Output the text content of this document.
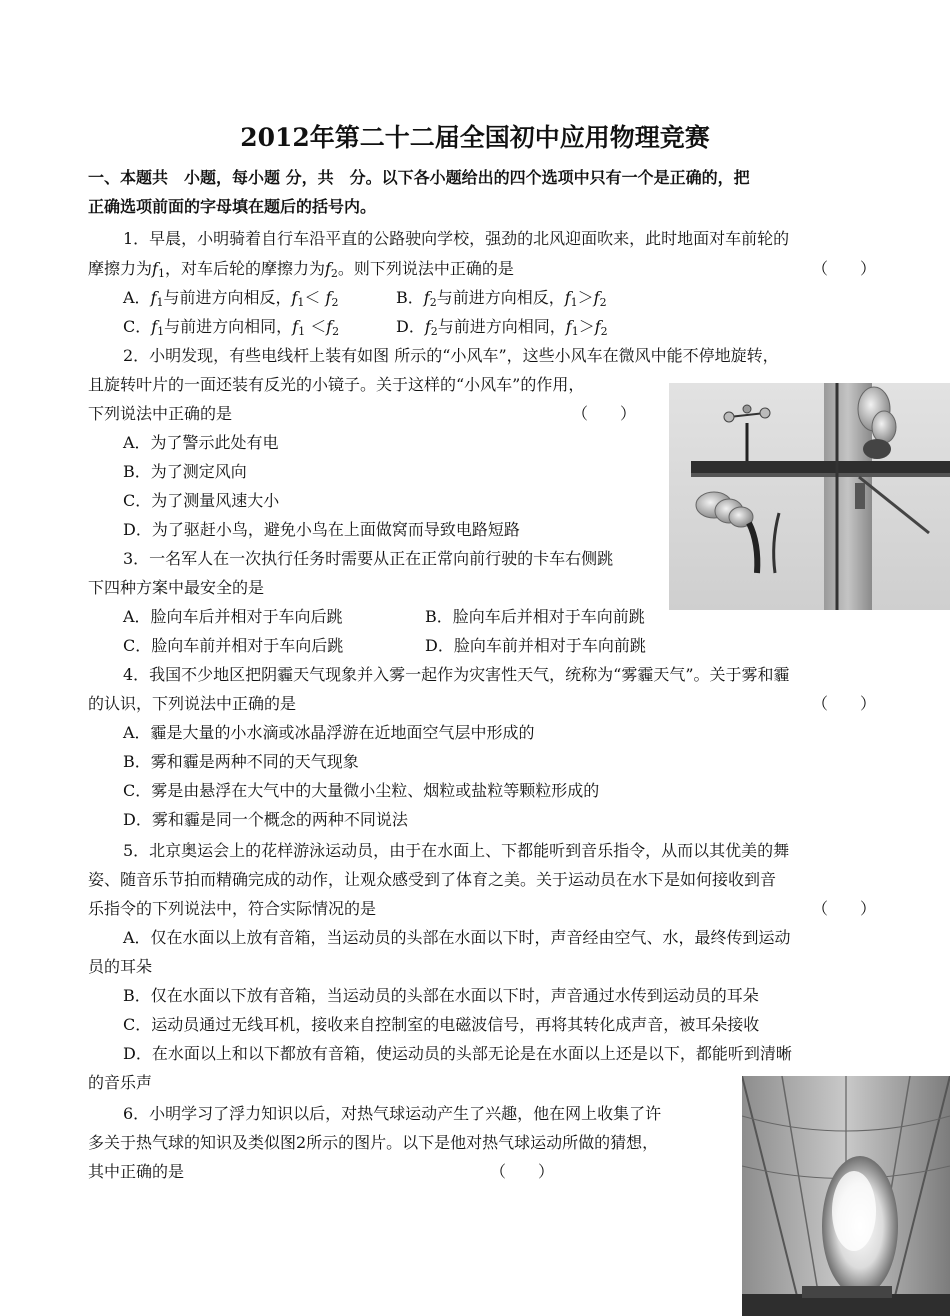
2012年第二十二届全国初中应用物理竞赛
一、本题共　小题，每小题 分，共　分。以下各小题给出的四个选项中只有一个是正确的，把
正确选项前面的字母填在题后的括号内。
1．早晨，小明骑着自行车沿平直的公路驶向学校，强劲的北风迎面吹来，此时地面对车前轮的
摩擦力为$f_1$，对车后轮的摩擦力为$f_2$。则下列说法中正确的是	（　　）
A．$f_1$与前进方向相反，$f_1< f_2$	B．$f_2$与前进方向相反，$f_1>f_2$
C．$f_1$与前进方向相同，$f_1 <f_2$	D．$f_2$与前进方向相同，$f_1>f_2$
2．小明发现，有些电线杆上装有如图 所示的“小风车”，这些小风车在微风中能不停地旋转，
且旋转叶片的一面还装有反光的小镜子。关于这样的“小风车”的作用，
下列说法中正确的是	（　　）
A．为了警示此处有电
B．为了测定风向
C．为了测量风速大小
D．为了驱赶小鸟，避免小鸟在上面做窝而导致电路短路
3．一名军人在一次执行任务时需要从正在正常向前行驶的卡车右侧跳
下四种方案中最安全的是
A．脸向车后并相对于车向后跳	B．脸向车后并相对于车向前跳
C．脸向车前并相对于车向后跳	D．脸向车前并相对于车向前跳
4．我国不少地区把阴霾天气现象并入雾一起作为灾害性天气，统称为“雾霾天气”。关于雾和霾
的认识，下列说法中正确的是	（　　）
A．霾是大量的小水滴或冰晶浮游在近地面空气层中形成的
B．雾和霾是两种不同的天气现象
C．雾是由悬浮在大气中的大量微小尘粒、烟粒或盐粒等颗粒形成的
D．雾和霾是同一个概念的两种不同说法
5．北京奥运会上的花样游泳运动员，由于在水面上、下都能听到音乐指令，从而以其优美的舞
姿、随音乐节拍而精确完成的动作，让观众感受到了体育之美。关于运动员在水下是如何接收到音
乐指令的下列说法中，符合实际情况的是	（　　）
A．仅在水面以上放有音箱，当运动员的头部在水面以下时，声音经由空气、水，最终传到运动
员的耳朵
B．仅在水面以下放有音箱，当运动员的头部在水面以下时，声音通过水传到运动员的耳朵
C．运动员通过无线耳机，接收来自控制室的电磁波信号，再将其转化成声音，被耳朵接收
D．在水面以上和以下都放有音箱，使运动员的头部无论是在水面以上还是以下，都能听到清晰
的音乐声
6．小明学习了浮力知识以后，对热气球运动产生了兴趣，他在网上收集了许
多关于热气球的知识及类似图2所示的图片。以下是他对热气球运动所做的猜想，
其中正确的是	（　　）
